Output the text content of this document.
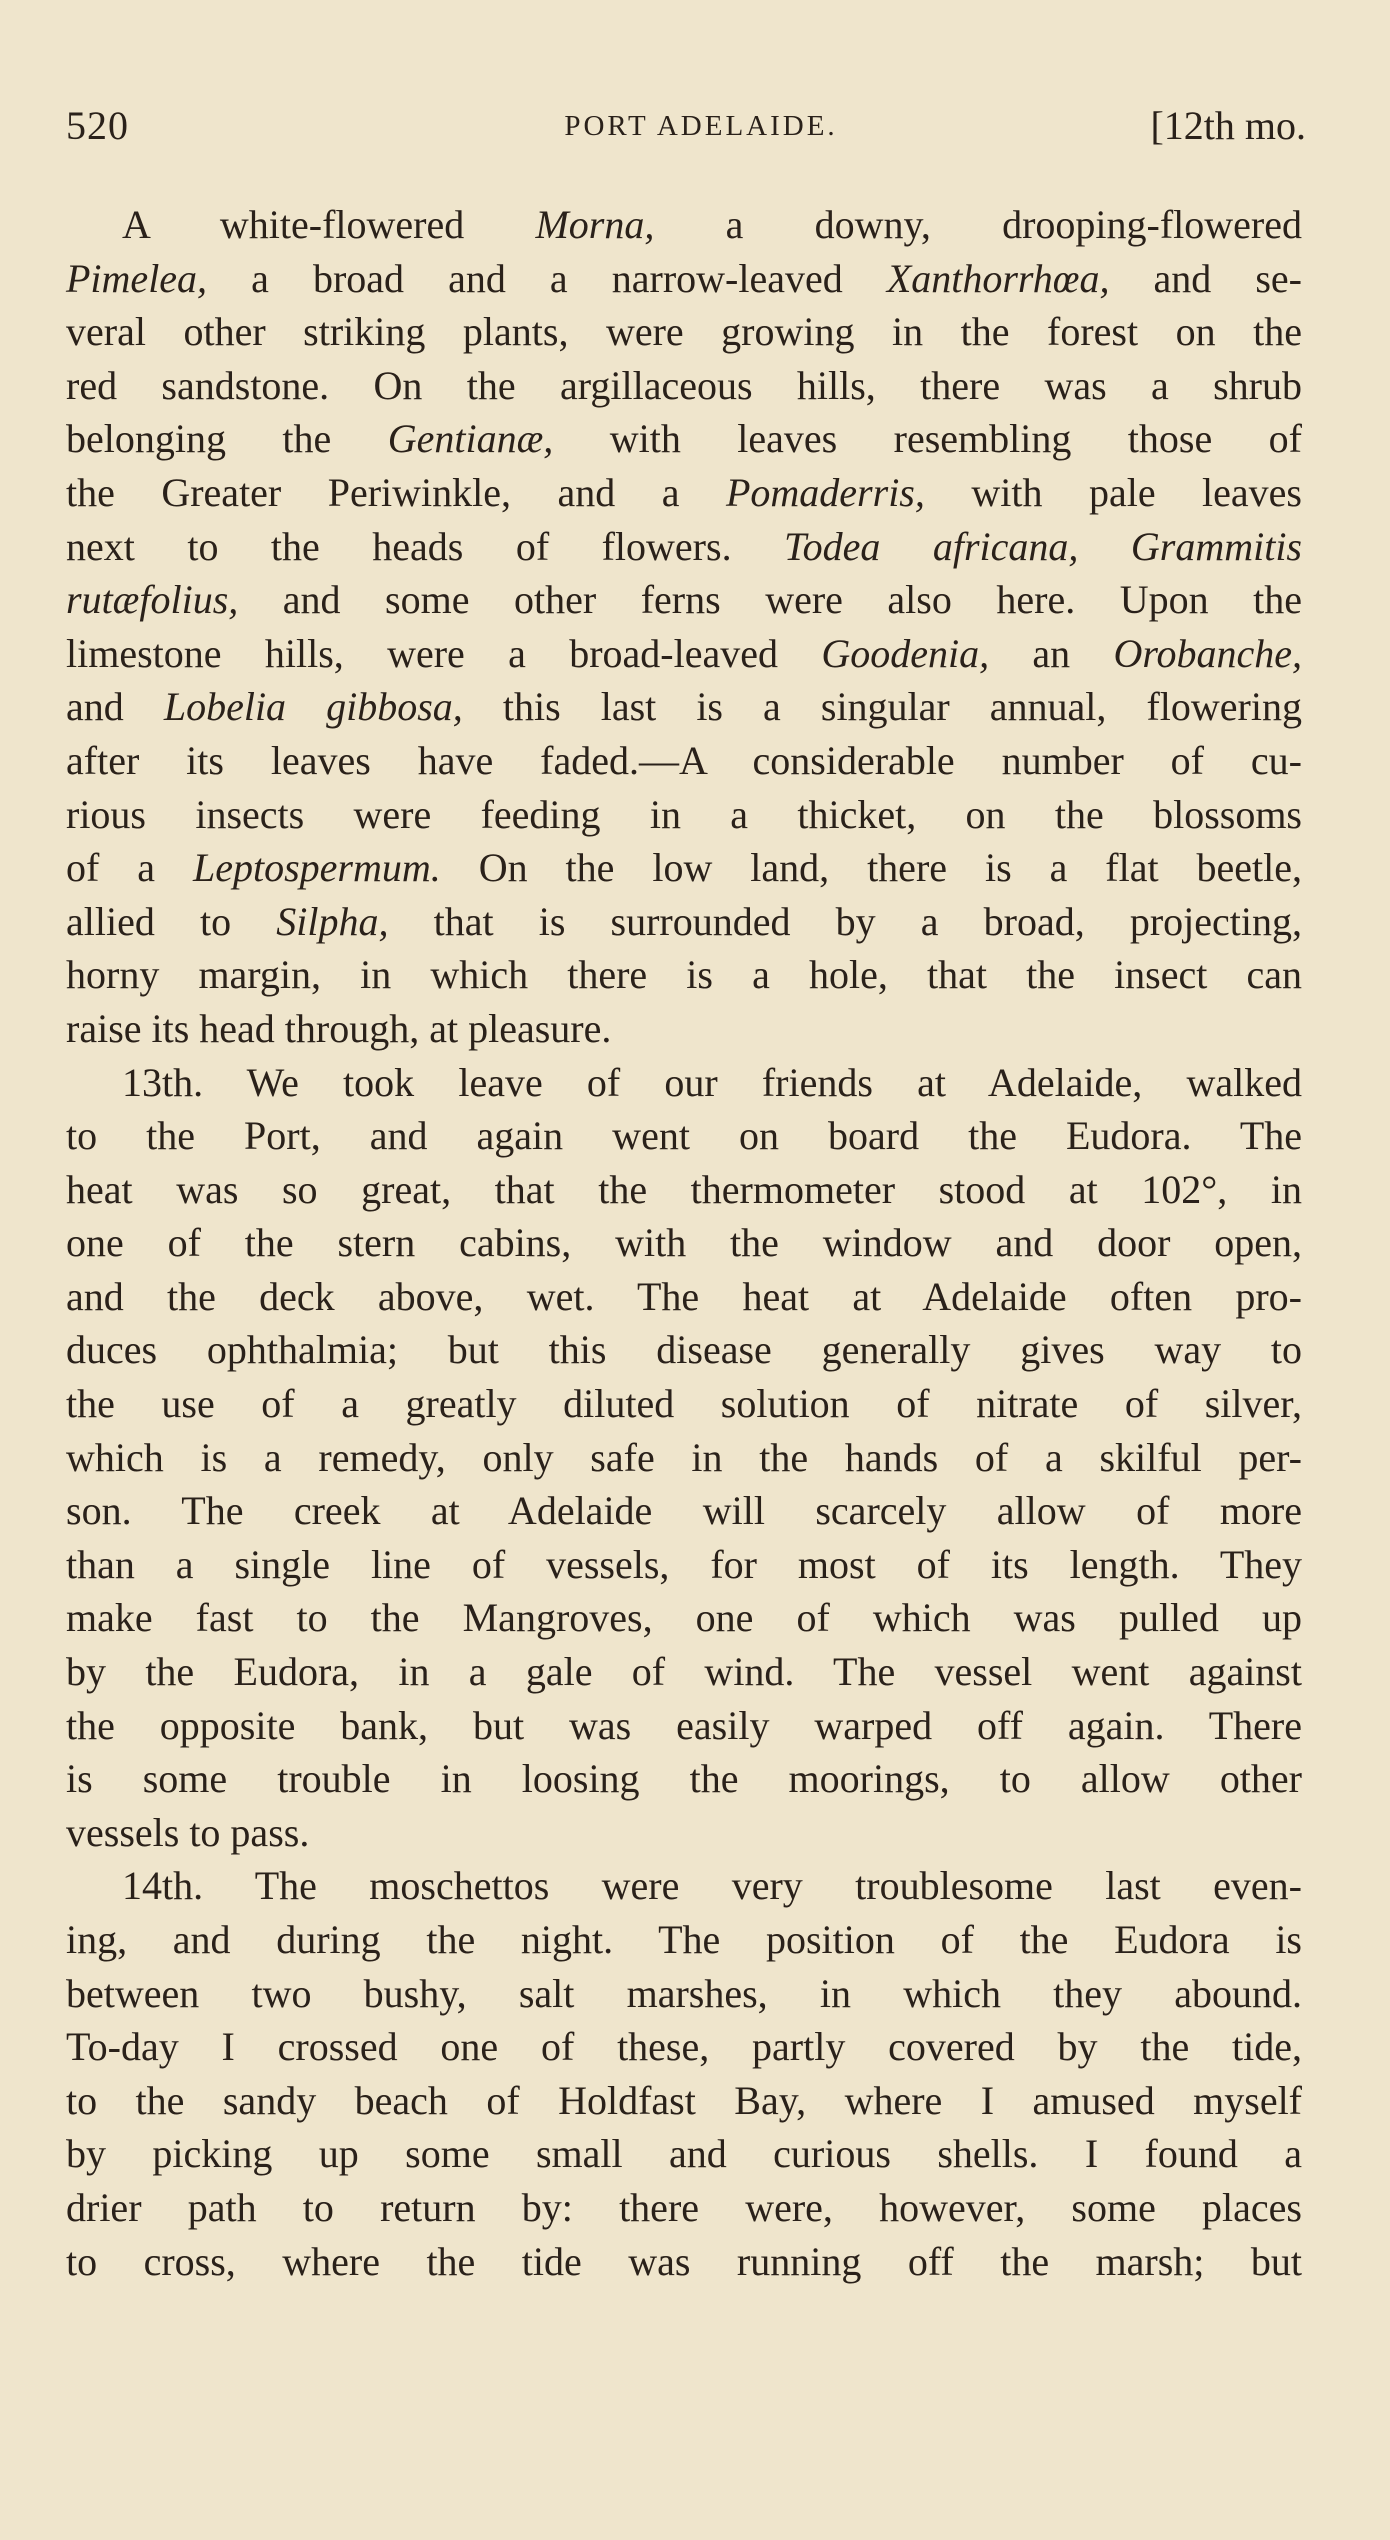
520	PORT ADELAIDE.	[12th mo.
A white-flowered Morna, a downy, drooping-flowered
Pimelea, a broad and a narrow-leaved Xanthorrhœa, and se-
veral other striking plants, were growing in the forest on the
red sandstone. On the argillaceous hills, there was a shrub
belonging the Gentianæ, with leaves resembling those of
the Greater Periwinkle, and a Pomaderris, with pale leaves
next to the heads of flowers. Todea africana, Grammitis
rutæfolius, and some other ferns were also here. Upon the
limestone hills, were a broad-leaved Goodenia, an Orobanche,
and Lobelia gibbosa, this last is a singular annual, flowering
after its leaves have faded.—A considerable number of cu-
rious insects were feeding in a thicket, on the blossoms
of a Leptospermum. On the low land, there is a flat beetle,
allied to Silpha, that is surrounded by a broad, projecting,
horny margin, in which there is a hole, that the insect can
raise its head through, at pleasure.
13th. We took leave of our friends at Adelaide, walked
to the Port, and again went on board the Eudora. The
heat was so great, that the thermometer stood at 102°, in
one of the stern cabins, with the window and door open,
and the deck above, wet. The heat at Adelaide often pro-
duces ophthalmia; but this disease generally gives way to
the use of a greatly diluted solution of nitrate of silver,
which is a remedy, only safe in the hands of a skilful per-
son. The creek at Adelaide will scarcely allow of more
than a single line of vessels, for most of its length. They
make fast to the Mangroves, one of which was pulled up
by the Eudora, in a gale of wind. The vessel went against
the opposite bank, but was easily warped off again. There
is some trouble in loosing the moorings, to allow other
vessels to pass.
14th. The moschettos were very troublesome last even-
ing, and during the night. The position of the Eudora is
between two bushy, salt marshes, in which they abound.
To-day I crossed one of these, partly covered by the tide,
to the sandy beach of Holdfast Bay, where I amused myself
by picking up some small and curious shells. I found a
drier path to return by: there were, however, some places
to cross, where the tide was running off the marsh; but
